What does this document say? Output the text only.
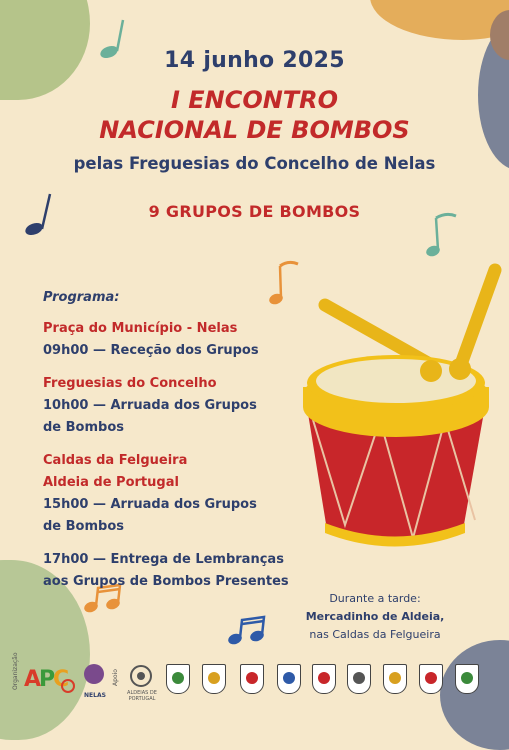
14 junho 2025
I ENCONTRO
NACIONAL DE BOMBOS
pelas Freguesias do Concelho de Nelas
9 GRUPOS DE BOMBOS
Programa:
Praça do Município - Nelas
09h00 — Receção dos Grupos
Freguesias do Concelho
10h00 — Arruada dos Grupos
de Bombos
Caldas da Felgueira
Aldeia de Portugal
15h00 — Arruada dos Grupos
de Bombos
17h00 — Entrega de Lembranças
aos Grupos de Bombos Presentes
Durante a tarde:
Mercadinho de Aldeia,
nas Caldas da Felgueira
Organização A
P
C
NELAS
Apoio
ALDEIAS DE PORTUGAL
